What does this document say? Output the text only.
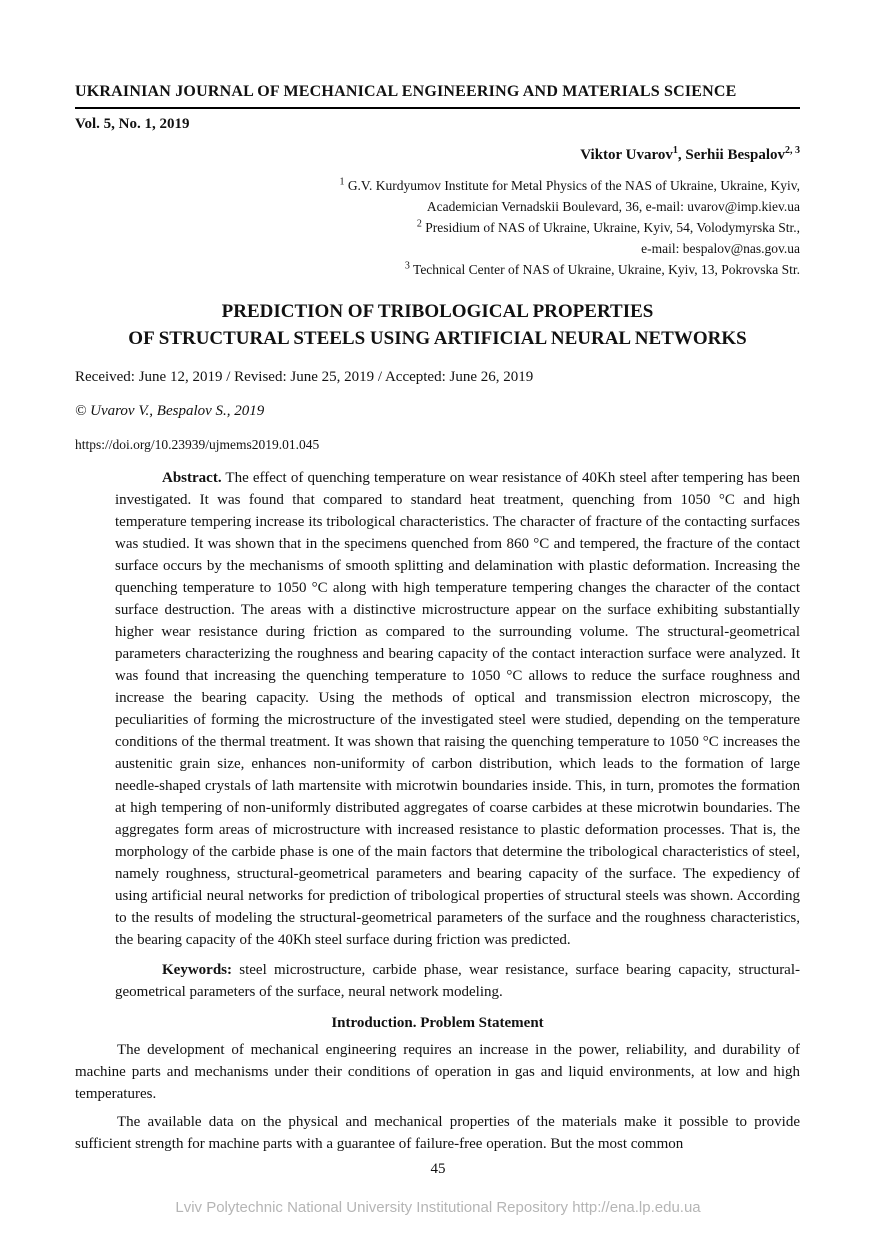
UKRAINIAN JOURNAL OF MECHANICAL ENGINEERING AND MATERIALS SCIENCE
Vol. 5, No. 1, 2019

Viktor Uvarov$^1$, Serhii Bespalov$^{2, 3}$

$^1$ G.V. Kurdyumov Institute for Metal Physics of the NAS of Ukraine, Ukraine, Kyiv,
Academician Vernadskii Boulevard, 36, e-mail: uvarov@imp.kiev.ua
$^2$ Presidium of NAS of Ukraine, Ukraine, Kyiv, 54, Volodymyrska Str.,
e-mail: bespalov@nas.gov.ua
$^3$ Technical Center of NAS of Ukraine, Ukraine, Kyiv, 13, Pokrovska Str.
PREDICTION OF TRIBOLOGICAL PROPERTIES
OF STRUCTURAL STEELS USING ARTIFICIAL NEURAL NETWORKS

Received: June 12, 2019 / Revised: June 25, 2019 / Accepted: June 26, 2019

© Uvarov V., Bespalov S., 2019

https://doi.org/10.23939/ujmems2019.01.045

Abstract. The effect of quenching temperature on wear resistance of 40Kh steel after tempering has been investigated. It was found that compared to standard heat treatment, quenching from 1050 °C and high temperature tempering increase its tribological characteristics. The character of fracture of the contacting surfaces was studied. It was shown that in the specimens quenched from 860 °C and tempered, the fracture of the contact surface occurs by the mechanisms of smooth splitting and delamination with plastic deformation. Increasing the quenching temperature to 1050 °C along with high temperature tempering changes the character of the contact surface destruction. The areas with a distinctive microstructure appear on the surface exhibiting substantially higher wear resistance during friction as compared to the surrounding volume. The structural-geometrical parameters characterizing the roughness and bearing capacity of the contact interaction surface were analyzed. It was found that increasing the quenching temperature to 1050 °C allows to reduce the surface roughness and increase the bearing capacity. Using the methods of optical and transmission electron microscopy, the peculiarities of forming the microstructure of the investigated steel were studied, depending on the temperature conditions of the thermal treatment. It was shown that raising the quenching temperature to 1050 °C increases the austenitic grain size, enhances non-uniformity of carbon distribution, which leads to the formation of large needle-shaped crystals of lath martensite with microtwin boundaries inside. This, in turn, promotes the formation at high tempering of non-uniformly distributed aggregates of coarse carbides at these microtwin boundaries. The aggregates form areas of microstructure with increased resistance to plastic deformation processes. That is, the morphology of the carbide phase is one of the main factors that determine the tribological characteristics of steel, namely roughness, structural-geometrical parameters and bearing capacity of the surface. The expediency of using artificial neural networks for prediction of tribological properties of structural steels was shown. According to the results of modeling the structural-geometrical parameters of the surface and the roughness characteristics, the bearing capacity of the 40Kh steel surface during friction was predicted.

Keywords: steel microstructure, carbide phase, wear resistance, surface bearing capacity, structural-geometrical parameters of the surface, neural network modeling.

Introduction. Problem Statement

The development of mechanical engineering requires an increase in the power, reliability, and durability of machine parts and mechanisms under their conditions of operation in gas and liquid environments, at low and high temperatures.

The available data on the physical and mechanical properties of the materials make it possible to provide sufficient strength for machine parts with a guarantee of failure-free operation. But the most common

45
Lviv Polytechnic National University Institutional Repository http://ena.lp.edu.ua
